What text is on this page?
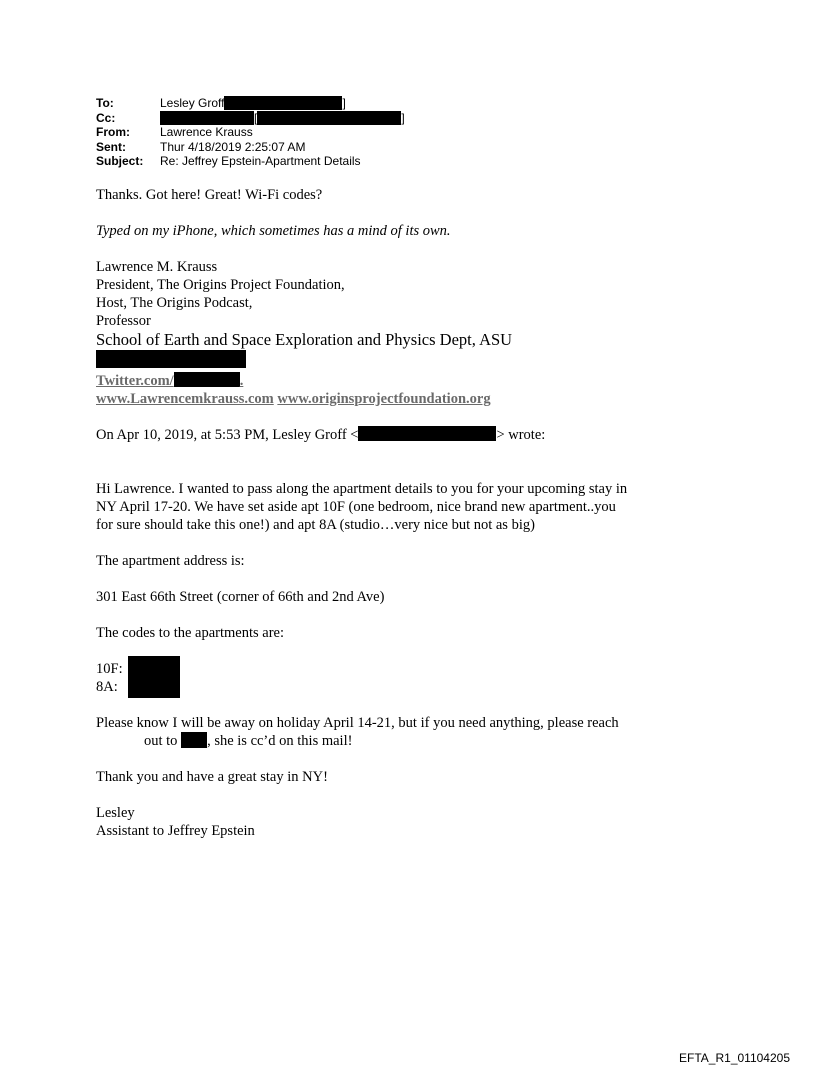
To:	Lesley Groff	]
Cc:	[	]
From:	Lawrence Krauss
Sent:	Thur 4/18/2019 2:25:07 AM
Subject:	Re: Jeffrey Epstein-Apartment Details

Thanks. Got here! Great! Wi-Fi codes?

Typed on my iPhone, which sometimes has a mind of its own.

Lawrence M. Krauss

President, The Origins Project Foundation,

Host, The Origins Podcast,

Professor

School of Earth and Space Exploration and Physics Dept, ASU

Twitter.com/	.

www.Lawrencemkrauss.com www.originsprojectfoundation.org

On Apr 10, 2019, at 5:53 PM, Lesley Groff <	> wrote:

Hi Lawrence. I wanted to pass along the apartment details to you for your upcoming stay in NY April 17-20. We have set aside apt 10F (one bedroom, nice brand new apartment..you for sure should take this one!) and apt 8A (studio…very nice but not as big)

The apartment address is:

301 East 66th Street (corner of 66th and 2nd Ave)

The codes to the apartments are:

10F:

8A:

Please know I will be away on holiday April 14-21, but if you need anything, please reach

out to , she is cc’d on this mail!

Thank you and have a great stay in NY!

Lesley

Assistant to Jeffrey Epstein

EFTA_R1_01104205
